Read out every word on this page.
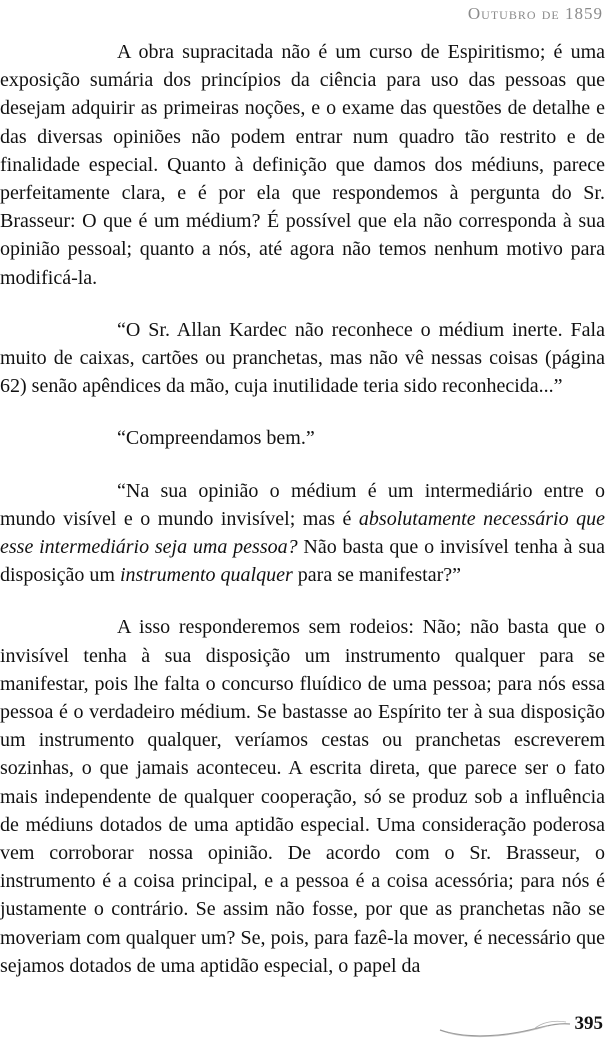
Outubro de 1859

A obra supracitada não é um curso de Espiritismo; é uma exposição sumária dos princípios da ciência para uso das pessoas que desejam adquirir as primeiras noções, e o exame das questões de detalhe e das diversas opiniões não podem entrar num quadro tão restrito e de finalidade especial. Quanto à definição que damos dos médiuns, parece perfeitamente clara, e é por ela que respondemos à pergunta do Sr. Brasseur: O que é um médium? É possível que ela não corresponda à sua opinião pessoal; quanto a nós, até agora não temos nenhum motivo para modificá-la.

“O Sr. Allan Kardec não reconhece o médium inerte. Fala muito de caixas, cartões ou pranchetas, mas não vê nessas coisas (página 62) senão apêndices da mão, cuja inutilidade teria sido reconhecida...”

“Compreendamos bem.”

“Na sua opinião o médium é um intermediário entre o mundo visível e o mundo invisível; mas é absolutamente necessário que esse intermediário seja uma pessoa? Não basta que o invisível tenha à sua disposição um instrumento qualquer para se manifestar?”

A isso responderemos sem rodeios: Não; não basta que o invisível tenha à sua disposição um instrumento qualquer para se manifestar, pois lhe falta o concurso fluídico de uma pessoa; para nós essa pessoa é o verdadeiro médium. Se bastasse ao Espírito ter à sua disposição um instrumento qualquer, veríamos cestas ou pranchetas escreverem sozinhas, o que jamais aconteceu. A escrita direta, que parece ser o fato mais independente de qualquer cooperação, só se produz sob a influência de médiuns dotados de uma aptidão especial. Uma consideração poderosa vem corroborar nossa opinião. De acordo com o Sr. Brasseur, o instrumento é a coisa principal, e a pessoa é a coisa acessória; para nós é justamente o contrário. Se assim não fosse, por que as pranchetas não se moveriam com qualquer um? Se, pois, para fazê-la mover, é necessário que sejamos dotados de uma aptidão especial, o papel da

395
